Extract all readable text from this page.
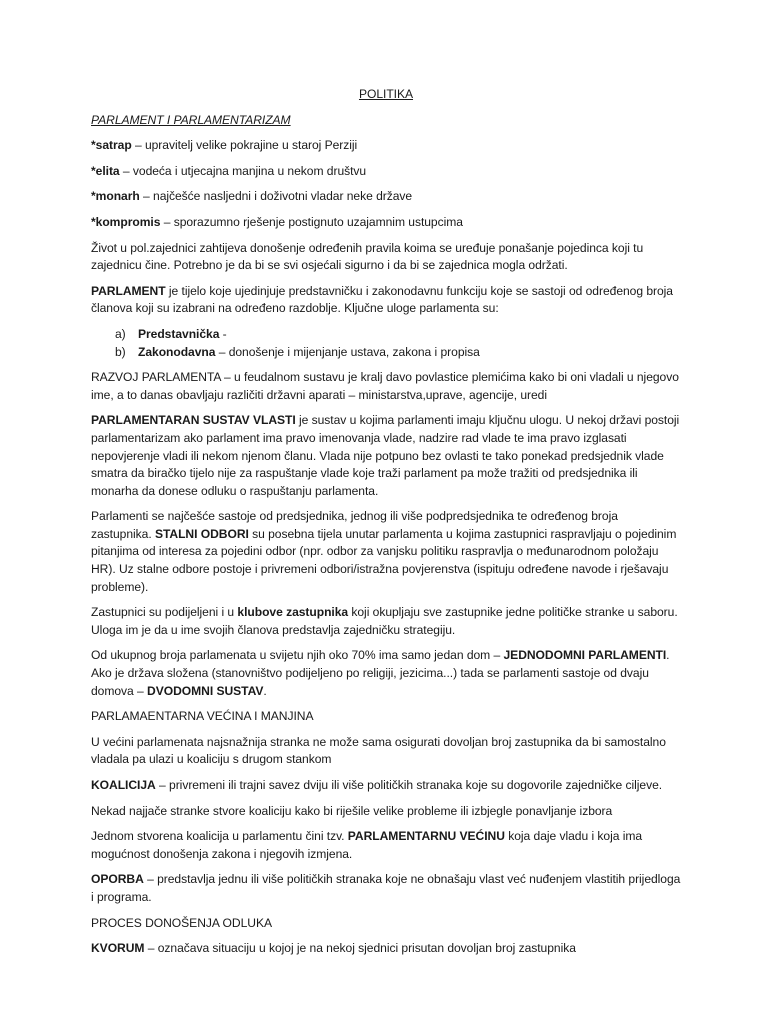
POLITIKA

PARLAMENT I PARLAMENTARIZAM

*satrap – upravitelj velike pokrajine u staroj Perziji

*elita – vodeća i utjecajna manjina u nekom društvu

*monarh – najčešće nasljedni i doživotni vladar neke države

*kompromis – sporazumno rješenje postignuto uzajamnim ustupcima

Život u pol.zajednici zahtijeva donošenje određenih pravila koima se uređuje ponašanje pojedinca koji tu zajednicu čine. Potrebno je da bi se svi osjećali sigurno i da bi se zajednica mogla održati.

PARLAMENT je tijelo koje ujedinjuje predstavničku i zakonodavnu funkciju koje se sastoji od određenog broja članova koji su izabrani na određeno razdoblje. Ključne uloge parlamenta su:

a) Predstavnička -
b) Zakonodavna – donošenje i mijenjanje ustava, zakona i propisa

RAZVOJ PARLAMENTA – u feudalnom sustavu je kralj davo povlastice plemićima kako bi oni vladali u njegovo ime, a to danas obavljaju različiti državni aparati – ministarstva,uprave, agencije, uredi

PARLAMENTARAN SUSTAV VLASTI je sustav u kojima parlamenti imaju ključnu ulogu. U nekoj državi postoji parlamentarizam ako parlament ima pravo imenovanja vlade, nadzire rad vlade te ima pravo izglasati nepovjerenje vladi ili nekom njenom članu. Vlada nije potpuno bez ovlasti te tako ponekad predsjednik vlade smatra da biračko tijelo nije za raspuštanje vlade koje traži parlament pa može tražiti od predsjednika ili monarha da donese odluku o raspuštanju parlamenta.

Parlamenti se najčešće sastoje od predsjednika, jednog ili više podpredsjednika te određenog broja zastupnika. STALNI ODBORI su posebna tijela unutar parlamenta u kojima zastupnici raspravljaju o pojedinim pitanjima od interesa za pojedini odbor (npr. odbor za vanjsku politiku raspravlja o međunarodnom položaju HR). Uz stalne odbore postoje i privremeni odbori/istražna povjerenstva (ispituju određene navode i rješavaju probleme).

Zastupnici su podijeljeni i u klubove zastupnika koji okupljaju sve zastupnike jedne političke stranke u saboru. Uloga im je da u ime svojih članova predstavlja zajedničku strategiju.

Od ukupnog broja parlamenata u svijetu njih oko 70% ima samo jedan dom – JEDNODOMNI PARLAMENTI. Ako je država složena (stanovništvo podijeljeno po religiji, jezicima...) tada se parlamenti sastoje od dvaju domova – DVODOMNI SUSTAV.

PARLAMAENTARNA VEĆINA I MANJINA

U većini parlamenata najsnažnija stranka ne može sama osigurati dovoljan broj zastupnika da bi samostalno vladala pa ulazi u koaliciju s drugom stankom

KOALICIJA – privremeni ili trajni savez dviju ili više političkih stranaka koje su dogovorile zajedničke ciljeve.

Nekad najjače stranke stvore koaliciju kako bi riješile velike probleme ili izbjegle ponavljanje izbora

Jednom stvorena koalicija u parlamentu čini tzv. PARLAMENTARNU VEĆINU koja daje vladu i koja ima mogućnost donošenja zakona i njegovih izmjena.

OPORBA – predstavlja jednu ili više političkih stranaka koje ne obnašaju vlast već nuđenjem vlastitih prijedloga i programa.

PROCES DONOŠENJA ODLUKA

KVORUM – označava situaciju u kojoj je na nekoj sjednici prisutan dovoljan broj zastupnika
